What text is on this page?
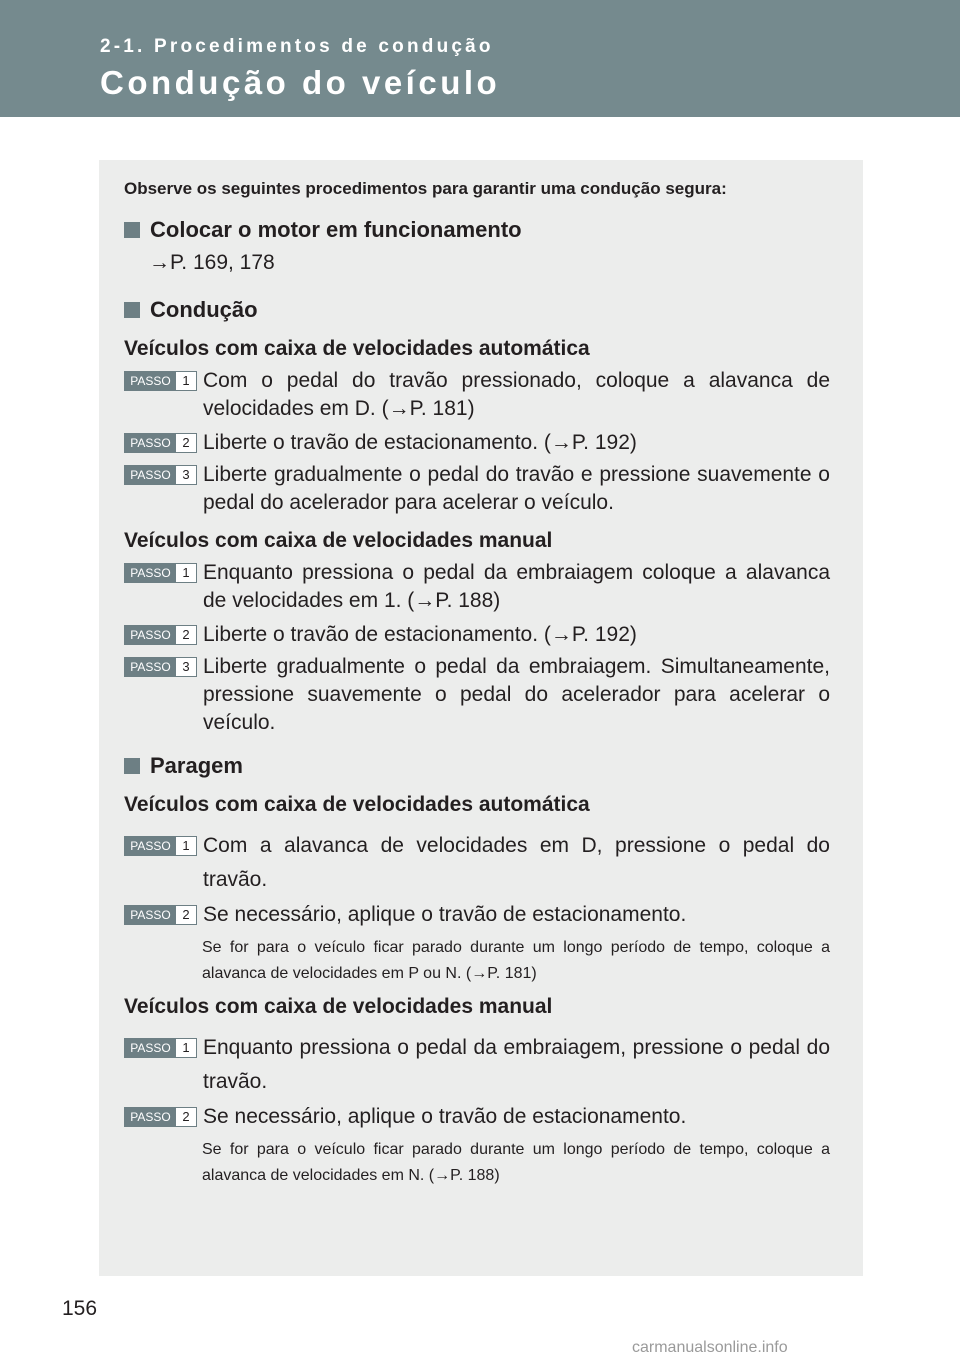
2-1. Procedimentos de condução
Condução do veículo

Observe os seguintes procedimentos para garantir uma condução segura:

Colocar o motor em funcionamento
→P. 169, 178
Condução

Veículos com caixa de velocidades automática

PASSO 1 Com o pedal do travão pressionado, coloque a alavanca de velocidades em D. (→P. 181)
PASSO 2 Liberte o travão de estacionamento. (→P. 192)
PASSO 3 Liberte gradualmente o pedal do travão e pressione suavemente o pedal do acelerador para acelerar o veículo.

Veículos com caixa de velocidades manual

PASSO 1 Enquanto pressiona o pedal da embraiagem coloque a alavanca de velocidades em 1. (→P. 188)
PASSO 2 Liberte o travão de estacionamento. (→P. 192)
PASSO 3 Liberte gradualmente o pedal da embraiagem. Simultaneamente, pressione suavemente o pedal do acelerador para acelerar o veículo.
Paragem

Veículos com caixa de velocidades automática

PASSO 1 Com a alavanca de velocidades em D, pressione o pedal do travão.
PASSO 2 Se necessário, aplique o travão de estacionamento.
Se for para o veículo ficar parado durante um longo período de tempo, coloque a alavanca de velocidades em P ou N. (→P. 181)

Veículos com caixa de velocidades manual

PASSO 1 Enquanto pressiona o pedal da embraiagem, pressione o pedal do travão.
PASSO 2 Se necessário, aplique o travão de estacionamento.
Se for para o veículo ficar parado durante um longo período de tempo, coloque a alavanca de velocidades em N. (→P. 188)
156
carmanualsonline.info
